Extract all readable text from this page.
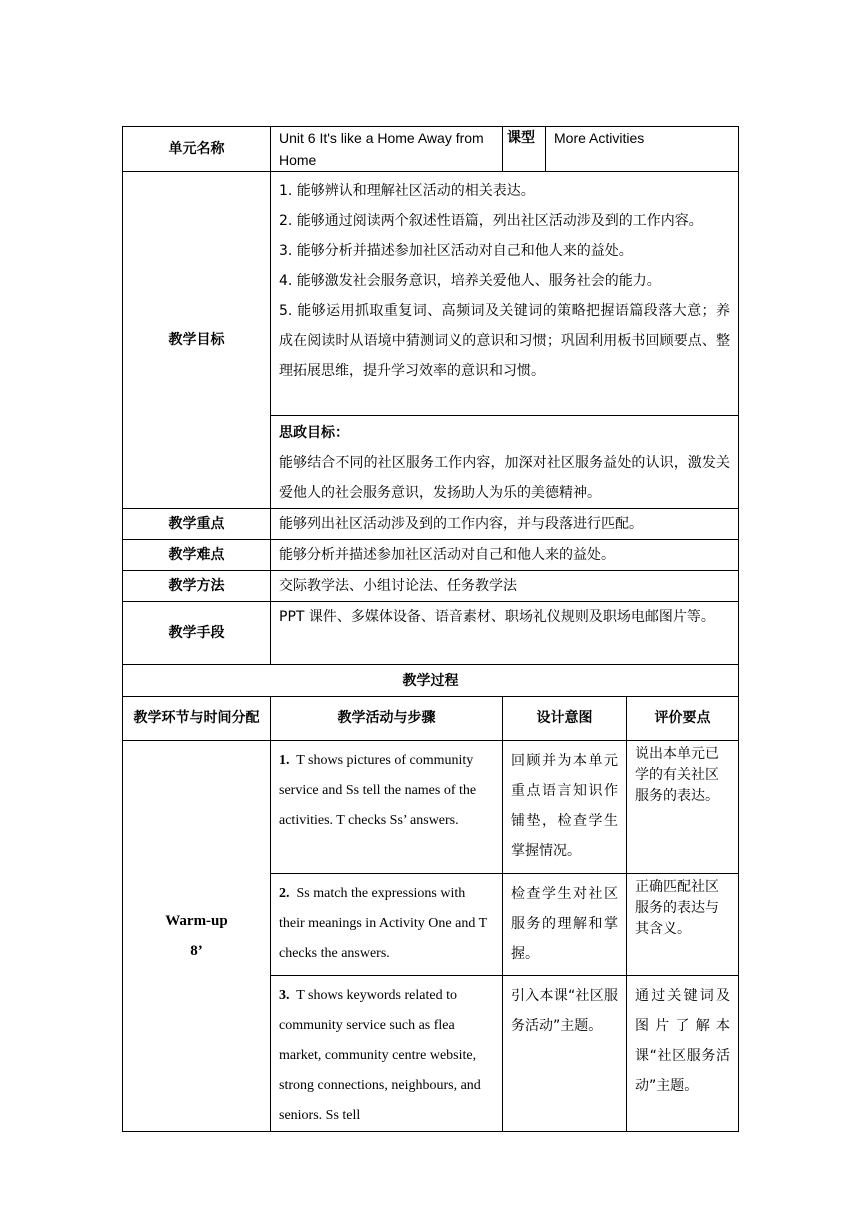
单元名称	Unit 6 It's like a Home Away from Home	课型	More Activities	
教学目标	1. 能够辨认和理解社区活动的相关表达。
2. 能够通过阅读两个叙述性语篇，列出社区活动涉及到的工作内容。
3. 能够分析并描述参加社区活动对自己和他人来的益处。
4. 能够激发社会服务意识，培养关爱他人、服务社会的能力。
5. 能够运用抓取重复词、高频词及关键词的策略把握语篇段落大意；养成在阅读时从语境中猜测词义的意识和习惯；巩固利用板书回顾要点、整理拓展思维，提升学习效率的意识和习惯。			

	思政目标：
能够结合不同的社区服务工作内容，加深对社区服务益处的认识，激发关爱他人的社会服务意识，发扬助人为乐的美德精神。			

教学重点	能够列出社区活动涉及到的工作内容，并与段落进行匹配。			
教学难点	能够分析并描述参加社区活动对自己和他人来的益处。			
教学方法	交际教学法、小组讨论法、任务教学法			
教学手段	PPT 课件、多媒体设备、语音素材、职场礼仪规则及职场电邮图片等。			
教学过程				
教学环节与时间分配	教学活动与步骤	设计意图		评价要点

Warm-up
8’	1. T shows pictures of community service and Ss tell the names of the activities. T checks Ss’ answers.	回顾并为本单元重点语言知识作铺垫，检查学生掌握情况。		说出本单元已学的有关社区服务的表达。
	2. Ss match the expressions with their meanings in Activity One and T checks the answers.	检查学生对社区服务的理解和掌握。		正确匹配社区服务的表达与其含义。
	3. T shows keywords related to community service such as flea market, community centre website, strong connections, neighbours, and seniors. Ss tell	引入本课“社区服务活动”主题。		通过关键词及图片了解本课“社区服务活动”主题。
